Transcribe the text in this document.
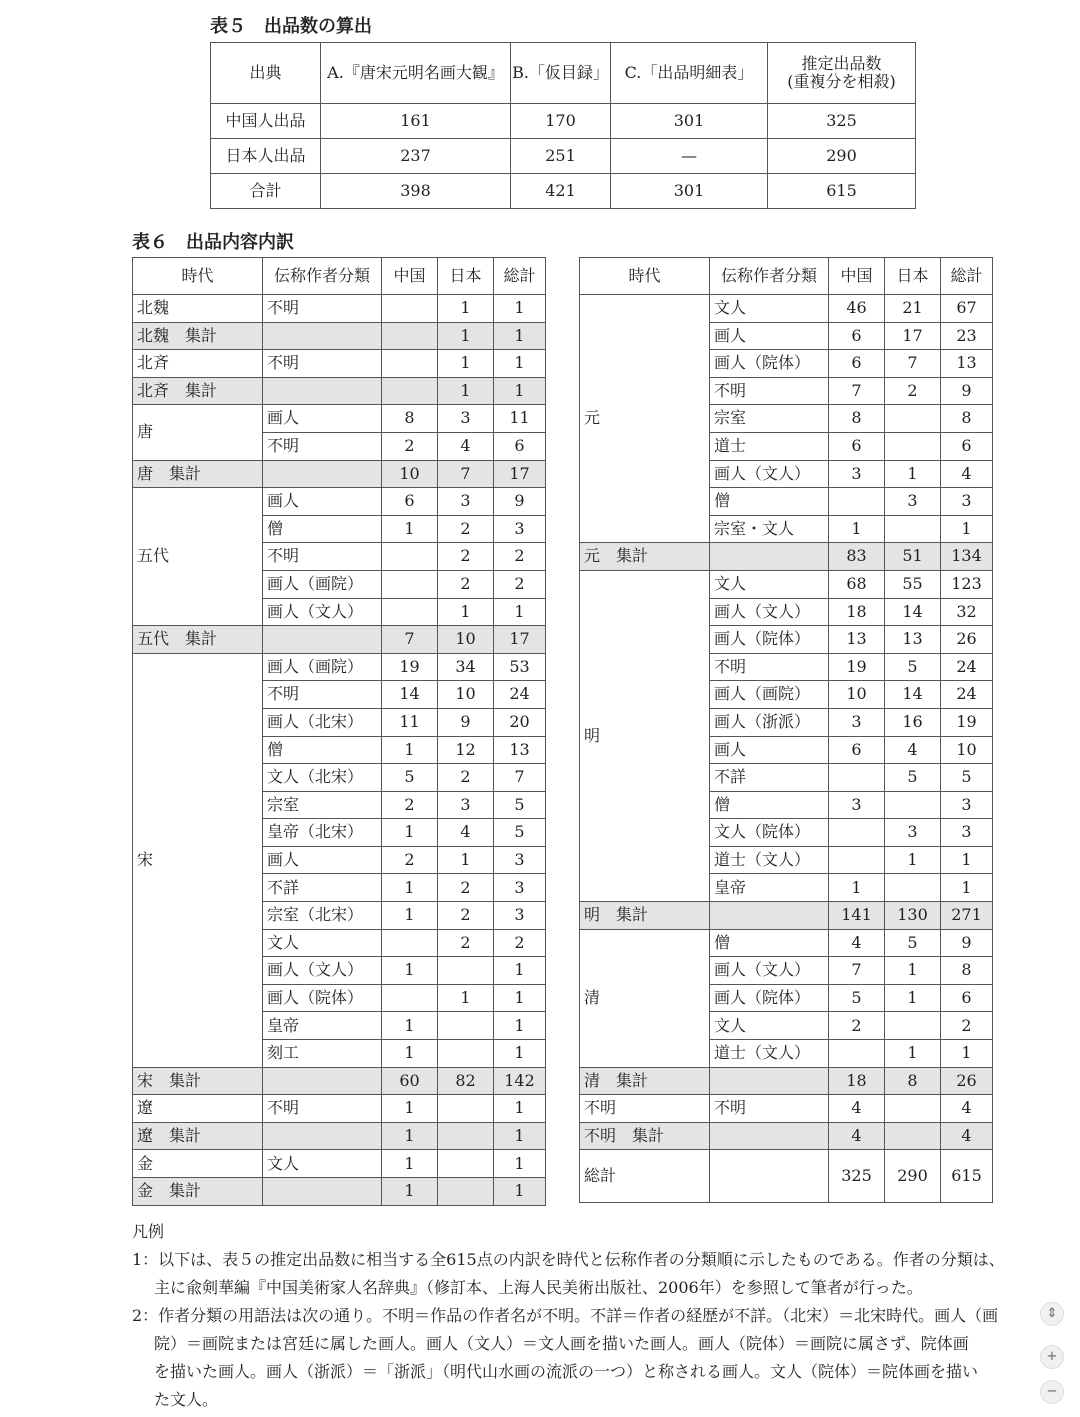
表５　出品数の算出
出典	A.『唐宋元明名画大観』	B.「仮目録」	C.「出品明細表」	推定出品数
(重複分を相殺)
中国人出品	161	170	301	325
日本人出品	237	251	—	290
合計	398	421	301	615
表６　出品内容内訳
時代	伝称作者分類	中国	日本	総計
北魏	不明		1	1
北魏　集計			1	1
北斉	不明		1	1
北斉　集計			1	1
唐	画人	8	3	11
	不明	2	4	6
唐　集計		10	7	17
五代	画人	6	3	9
	僧	1	2	3
	不明		2	2
	画人（画院）		2	2
	画人（文人）		1	1
五代　集計		7	10	17
宋	画人（画院）	19	34	53
	不明	14	10	24
	画人（北宋）	11	9	20
	僧	1	12	13
	文人（北宋）	5	2	7
	宗室	2	3	5
	皇帝（北宋）	1	4	5
	画人	2	1	3
	不詳	1	2	3
	宗室（北宋）	1	2	3
	文人		2	2
	画人（文人）	1		1
	画人（院体）		1	1
	皇帝	1		1
	刻工	1		1
宋　集計		60	82	142
遼	不明	1		1
遼　集計		1		1
金	文人	1		1
金　集計		1		1
時代	伝称作者分類	中国	日本	総計
元	文人	46	21	67
	画人	6	17	23
	画人（院体）	6	7	13
	不明	7	2	9
	宗室	8		8
	道士	6		6
	画人（文人）	3	1	4
	僧		3	3
	宗室・文人	1		1
元　集計		83	51	134
明	文人	68	55	123
	画人（文人）	18	14	32
	画人（院体）	13	13	26
	不明	19	5	24
	画人（画院）	10	14	24
	画人（浙派）	3	16	19
	画人	6	4	10
	不詳		5	5
	僧	3		3
	文人（院体）		3	3
	道士（文人）		1	1
	皇帝	1		1
明　集計		141	130	271
清	僧	4	5	9
	画人（文人）	7	1	8
	画人（院体）	5	1	6
	文人	2		2
	道士（文人）		1	1
清　集計		18	8	26
不明	不明	4		4
不明　集計		4		4
総計		325	290	615

凡例

1：以下は、表５の推定出品数に相当する全615点の内訳を時代と伝称作者の分類順に示したものである。作者の分類は、

主に兪剣華編『中国美術家人名辞典』（修訂本、上海人民美術出版社、2006年）を参照して筆者が行った。

2：作者分類の用語法は次の通り。不明＝作品の作者名が不明。不詳＝作者の経歴が不詳。（北宋）＝北宋時代。画人（画

院）＝画院または宮廷に属した画人。画人（文人）＝文人画を描いた画人。画人（院体）＝画院に属さず、院体画

を描いた画人。画人（浙派）＝「浙派」（明代山水画の流派の一つ）と称される画人。文人（院体）＝院体画を描い

た文人。

⇕
+
−
